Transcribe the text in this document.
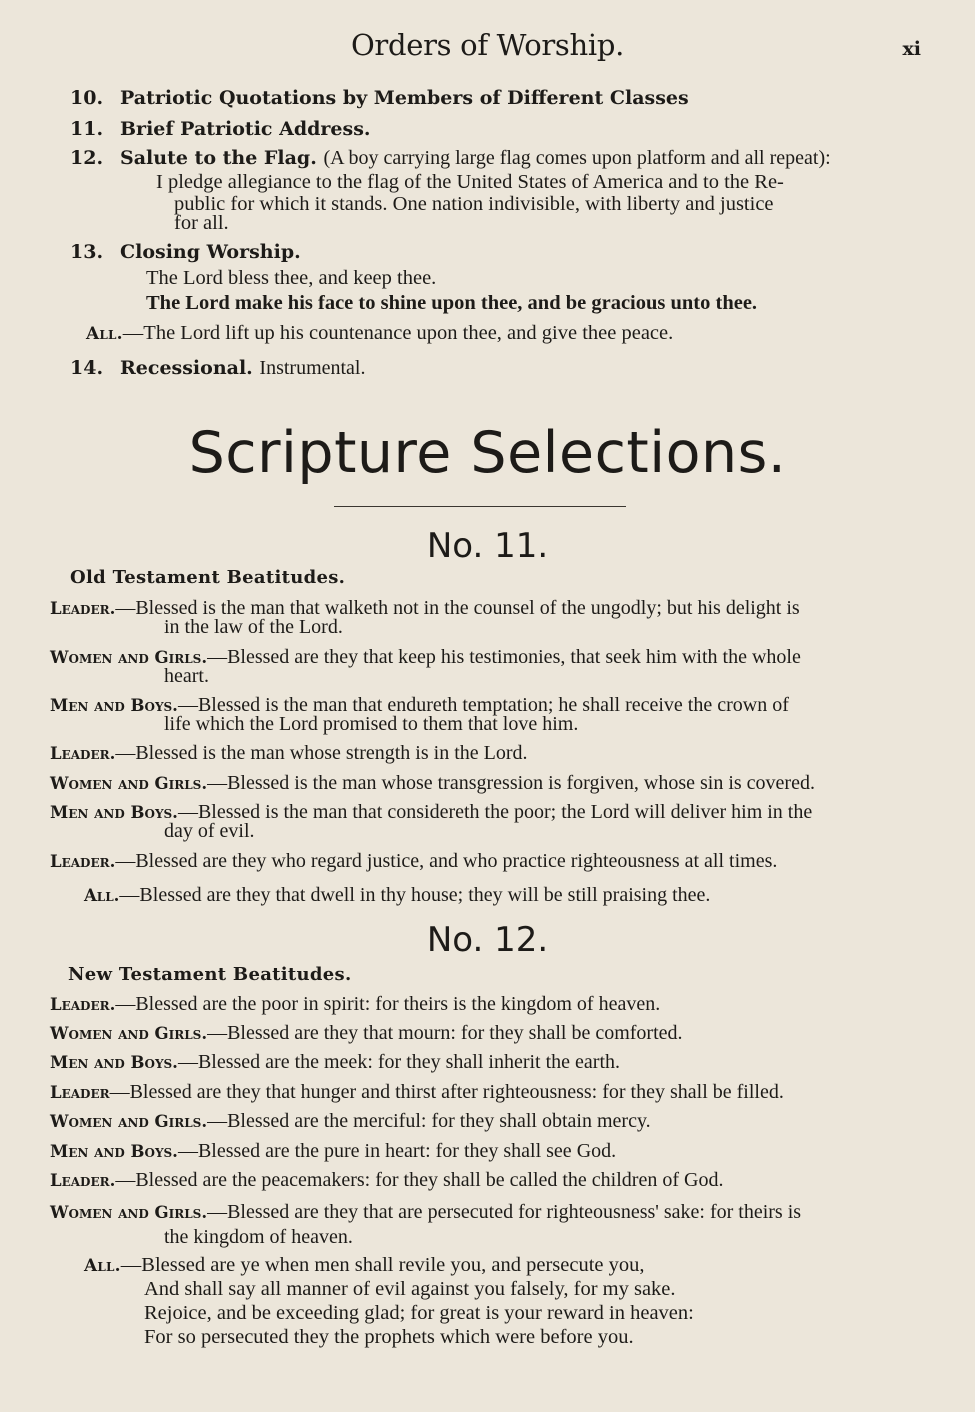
Orders of Worship.	xi
10. Patriotic Quotations by Members of Different Classes
11. Brief Patriotic Address.
12. Salute to the Flag. (A boy carrying large flag comes upon platform and all repeat):
I pledge allegiance to the flag of the United States of America and to the Re-
public for which it stands. One nation indivisible, with liberty and justice
for all.
13. Closing Worship.
The Lord bless thee, and keep thee.
The Lord make his face to shine upon thee, and be gracious unto thee.
All.—The Lord lift up his countenance upon thee, and give thee peace.
14. Recessional. Instrumental.
Scripture Selections.
No. 11.
Old Testament Beatitudes.
Leader.—Blessed is the man that walketh not in the counsel of the ungodly; but his delight is
in the law of the Lord.
Women and Girls.—Blessed are they that keep his testimonies, that seek him with the whole
heart.
Men and Boys.—Blessed is the man that endureth temptation; he shall receive the crown of
life which the Lord promised to them that love him.
Leader.—Blessed is the man whose strength is in the Lord.
Women and Girls.—Blessed is the man whose transgression is forgiven, whose sin is covered.
Men and Boys.—Blessed is the man that considereth the poor; the Lord will deliver him in the
day of evil.
Leader.—Blessed are they who regard justice, and who practice righteousness at all times.
All.—Blessed are they that dwell in thy house; they will be still praising thee.
No. 12.
New Testament Beatitudes.
Leader.—Blessed are the poor in spirit: for theirs is the kingdom of heaven.
Women and Girls.—Blessed are they that mourn: for they shall be comforted.
Men and Boys.—Blessed are the meek: for they shall inherit the earth.
Leader—Blessed are they that hunger and thirst after righteousness: for they shall be filled.
Women and Girls.—Blessed are the merciful: for they shall obtain mercy.
Men and Boys.—Blessed are the pure in heart: for they shall see God.
Leader.—Blessed are the peacemakers: for they shall be called the children of God.
Women and Girls.—Blessed are they that are persecuted for righteousness' sake: for theirs is
the kingdom of heaven.
All.—Blessed are ye when men shall revile you, and persecute you,
And shall say all manner of evil against you falsely, for my sake.
Rejoice, and be exceeding glad; for great is your reward in heaven:
For so persecuted they the prophets which were before you.
